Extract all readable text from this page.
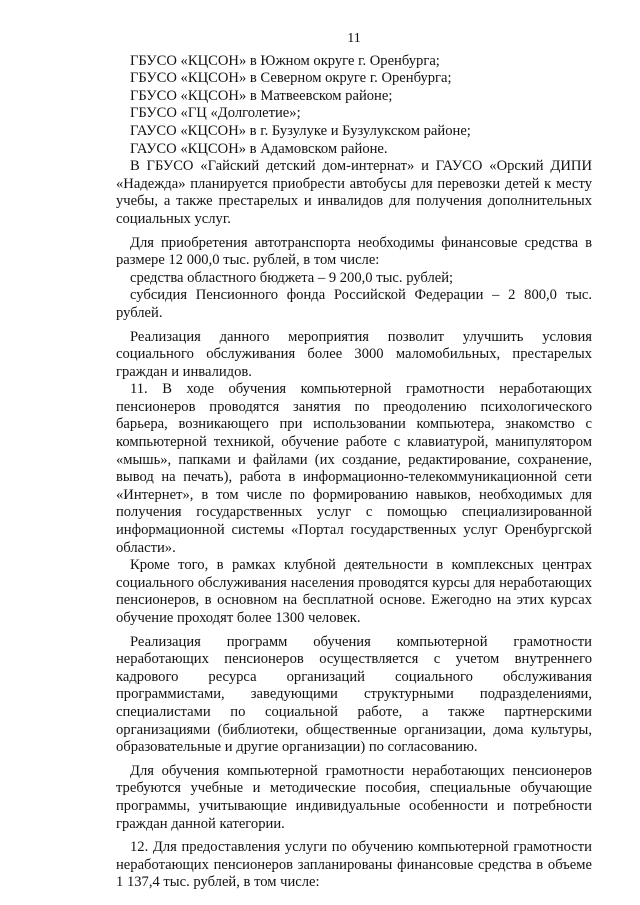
11

ГБУСО «КЦСОН» в Южном округе г. Оренбурга;

ГБУСО «КЦСОН» в Северном округе г. Оренбурга;

ГБУСО «КЦСОН» в Матвеевском районе;

ГБУСО «ГЦ «Долголетие»;

ГАУСО «КЦСОН» в г. Бузулуке и Бузулукском районе;

ГАУСО «КЦСОН» в Адамовском районе.

В ГБУСО «Гайский детский дом-интернат» и ГАУСО «Орский ДИПИ «Надежда» планируется приобрести автобусы для перевозки детей к месту учебы, а также престарелых и инвалидов для получения дополнительных социальных услуг.

Для приобретения автотранспорта необходимы финансовые средства в размере 12 000,0 тыс. рублей, в том числе:

средства областного бюджета – 9 200,0 тыс. рублей;

субсидия Пенсионного фонда Российской Федерации – 2 800,0 тыс. рублей.

Реализация данного мероприятия позволит улучшить условия социального обслуживания более 3000 маломобильных, престарелых граждан и инвалидов.

11. В ходе обучения компьютерной грамотности неработающих пенсионеров проводятся занятия по преодолению психологического барьера, возникающего при использовании компьютера, знакомство с компьютерной техникой, обучение работе с клавиатурой, манипулятором «мышь», папками и файлами (их создание, редактирование, сохранение, вывод на печать), работа в информационно-телекоммуникационной сети «Интернет», в том числе по формированию навыков, необходимых для получения государственных услуг с помощью специализированной информационной системы «Портал государственных услуг Оренбургской области».

Кроме того, в рамках клубной деятельности в комплексных центрах социального обслуживания населения проводятся курсы для неработающих пенсионеров, в основном на бесплатной основе. Ежегодно на этих курсах обучение проходят более 1300 человек.

Реализация программ обучения компьютерной грамотности неработающих пенсионеров осуществляется с учетом внутреннего кадрового ресурса организаций социального обслуживания программистами, заведующими структурными подразделениями, специалистами по социальной работе, а также партнерскими организациями (библиотеки, общественные организации, дома культуры, образовательные и другие организации) по согласованию.

Для обучения компьютерной грамотности неработающих пенсионеров требуются учебные и методические пособия, специальные обучающие программы, учитывающие индивидуальные особенности и потребности граждан данной категории.

12. Для предоставления услуги по обучению компьютерной грамотности неработающих пенсионеров запланированы финансовые средства в объеме 1 137,4 тыс. рублей, в том числе:
